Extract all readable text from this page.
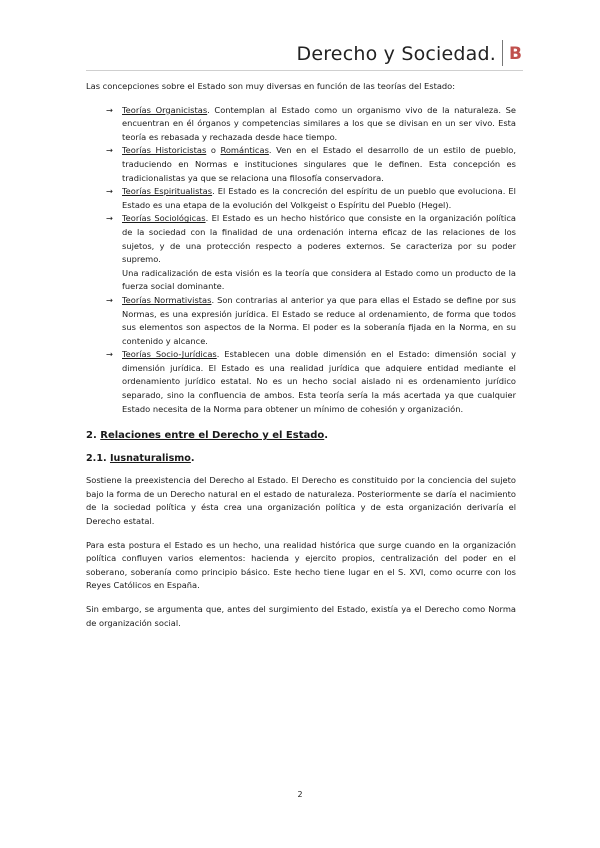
Derecho y Sociedad. B

Las concepciones sobre el Estado son muy diversas en función de las teorías del Estado:

→ Teorías Organicistas. Contemplan al Estado como un organismo vivo de la naturaleza. Se encuentran en él órganos y competencias similares a los que se divisan en un ser vivo. Esta teoría es rebasada y rechazada desde hace tiempo.
→ Teorías Historicistas o Románticas. Ven en el Estado el desarrollo de un estilo de pueblo, traduciendo en Normas e instituciones singulares que le definen. Esta concepción es tradicionalistas ya que se relaciona una filosofía conservadora.
→ Teorías Espiritualistas. El Estado es la concreción del espíritu de un pueblo que evoluciona. El Estado es una etapa de la evolución del Volkgeist o Espíritu del Pueblo (Hegel).
→ Teorías Sociológicas. El Estado es un hecho histórico que consiste en la organización política de la sociedad con la finalidad de una ordenación interna eficaz de las relaciones de los sujetos, y de una protección respecto a poderes externos. Se caracteriza por su poder supremo.
Una radicalización de esta visión es la teoría que considera al Estado como un producto de la fuerza social dominante.
→ Teorías Normativistas. Son contrarias al anterior ya que para ellas el Estado se define por sus Normas, es una expresión jurídica. El Estado se reduce al ordenamiento, de forma que todos sus elementos son aspectos de la Norma. El poder es la soberanía fijada en la Norma, en su contenido y alcance.
→ Teorías Socio-Jurídicas. Establecen una doble dimensión en el Estado: dimensión social y dimensión jurídica. El Estado es una realidad jurídica que adquiere entidad mediante el ordenamiento jurídico estatal. No es un hecho social aislado ni es ordenamiento jurídico separado, sino la confluencia de ambos. Esta teoría sería la más acertada ya que cualquier Estado necesita de la Norma para obtener un mínimo de cohesión y organización.
2. Relaciones entre el Derecho y el Estado.
2.1. Iusnaturalismo.

Sostiene la preexistencia del Derecho al Estado. El Derecho es constituido por la conciencia del sujeto bajo la forma de un Derecho natural en el estado de naturaleza. Posteriormente se daría el nacimiento de la sociedad política y ésta crea una organización política y de esta organización derivaría el Derecho estatal.

Para esta postura el Estado es un hecho, una realidad histórica que surge cuando en la organización política confluyen varios elementos: hacienda y ejercito propios, centralización del poder en el soberano, soberanía como principio básico. Este hecho tiene lugar en el S. XVI, como ocurre con los Reyes Católicos en España.

Sin embargo, se argumenta que, antes del surgimiento del Estado, existía ya el Derecho como Norma de organización social.

2
